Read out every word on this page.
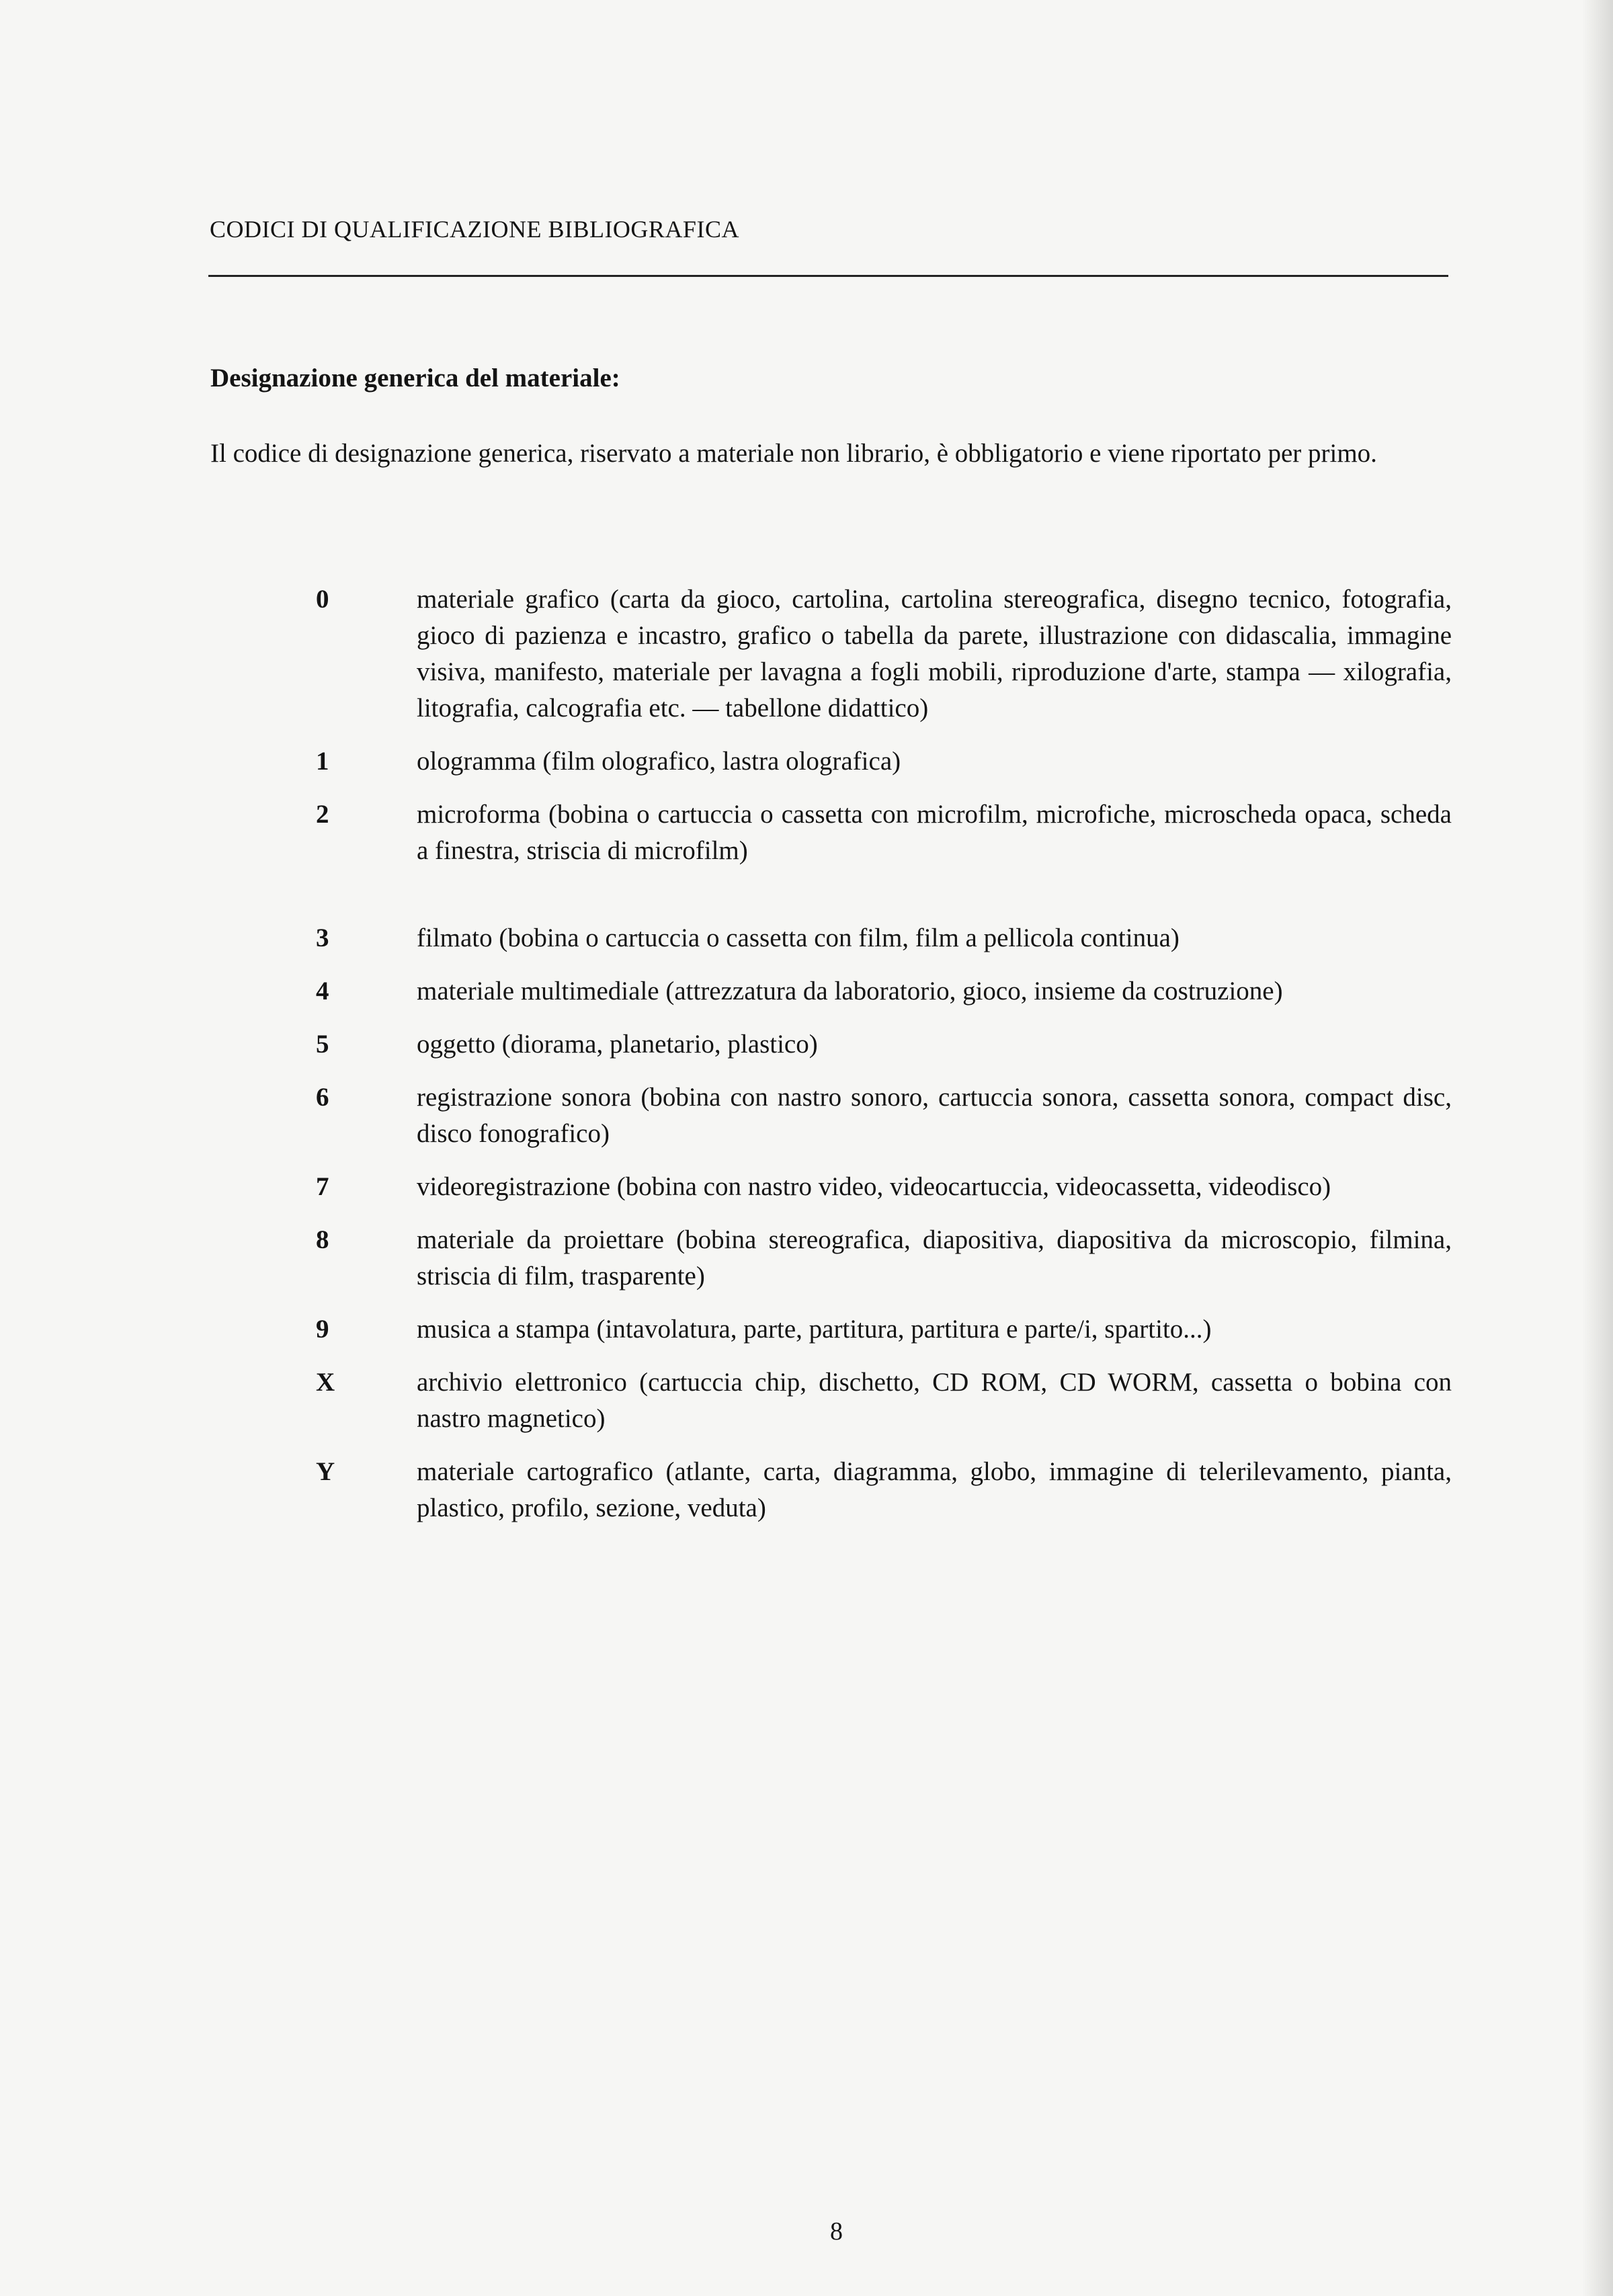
CODICI DI QUALIFICAZIONE BIBLIOGRAFICA
Designazione generica del materiale:
Il codice di designazione generica, riservato a materiale non librario, è obbligatorio e viene riportato per primo.
0	materiale grafico (carta da gioco, cartolina, cartolina stereografica, disegno tecnico, fotografia, gioco di pazienza e incastro, grafico o tabella da parete, illustrazione con didascalia, immagine visiva, manifesto, materiale per lavagna a fogli mobili, riproduzione d'arte, stampa — xilografia, litografia, calcografia etc. — tabellone didattico)
1	ologramma (film olografico, lastra olografica)
2	microforma (bobina o cartuccia o cassetta con microfilm, microfiche, microscheda opaca, scheda a finestra, striscia di microfilm)
3	filmato (bobina o cartuccia o cassetta con film, film a pellicola continua)
4	materiale multimediale (attrezzatura da laboratorio, gioco, insieme da costruzione)
5	oggetto (diorama, planetario, plastico)
6	registrazione sonora (bobina con nastro sonoro, cartuccia sonora, cassetta sonora, compact disc, disco fonografico)
7	videoregistrazione (bobina con nastro video, videocartuccia, videocassetta, videodisco)
8	materiale da proiettare (bobina stereografica, diapositiva, diapositiva da microscopio, filmina, striscia di film, trasparente)
9	musica a stampa (intavolatura, parte, partitura, partitura e parte/i, spartito...)
X	archivio elettronico (cartuccia chip, dischetto, CD ROM, CD WORM, cassetta o bobina con nastro magnetico)
Y	materiale cartografico (atlante, carta, diagramma, globo, immagine di telerilevamento, pianta, plastico, profilo, sezione, veduta)
8
